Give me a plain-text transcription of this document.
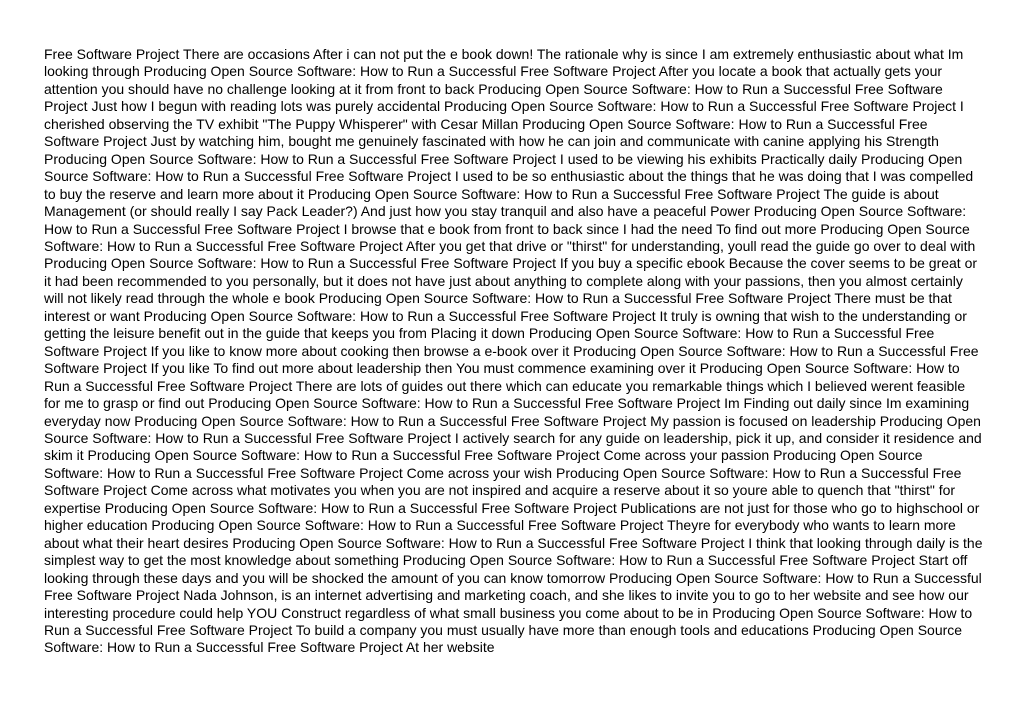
Free Software Project There are occasions After i can not put the e book down! The rationale why is since I am extremely enthusiastic about what Im looking through Producing Open Source Software: How to Run a Successful Free Software Project After you locate a book that actually gets your attention you should have no challenge looking at it from front to back Producing Open Source Software: How to Run a Successful Free Software Project Just how I begun with reading lots was purely accidental Producing Open Source Software: How to Run a Successful Free Software Project I cherished observing the TV exhibit "The Puppy Whisperer" with Cesar Millan Producing Open Source Software: How to Run a Successful Free Software Project Just by watching him, bought me genuinely fascinated with how he can join and communicate with canine applying his Strength Producing Open Source Software: How to Run a Successful Free Software Project I used to be viewing his exhibits Practically daily Producing Open Source Software: How to Run a Successful Free Software Project I used to be so enthusiastic about the things that he was doing that I was compelled to buy the reserve and learn more about it Producing Open Source Software: How to Run a Successful Free Software Project The guide is about Management (or should really I say Pack Leader?) And just how you stay tranquil and also have a peaceful Power Producing Open Source Software: How to Run a Successful Free Software Project I browse that e book from front to back since I had the need To find out more Producing Open Source Software: How to Run a Successful Free Software Project After you get that drive or "thirst" for understanding, youll read the guide go over to deal with Producing Open Source Software: How to Run a Successful Free Software Project If you buy a specific ebook Because the cover seems to be great or it had been recommended to you personally, but it does not have just about anything to complete along with your passions, then you almost certainly will not likely read through the whole e book Producing Open Source Software: How to Run a Successful Free Software Project There must be that interest or want Producing Open Source Software: How to Run a Successful Free Software Project It truly is owning that wish to the understanding or getting the leisure benefit out in the guide that keeps you from Placing it down Producing Open Source Software: How to Run a Successful Free Software Project If you like to know more about cooking then browse a e-book over it Producing Open Source Software: How to Run a Successful Free Software Project If you like To find out more about leadership then You must commence examining over it Producing Open Source Software: How to Run a Successful Free Software Project There are lots of guides out there which can educate you remarkable things which I believed werent feasible for me to grasp or find out Producing Open Source Software: How to Run a Successful Free Software Project Im Finding out daily since Im examining everyday now Producing Open Source Software: How to Run a Successful Free Software Project My passion is focused on leadership Producing Open Source Software: How to Run a Successful Free Software Project I actively search for any guide on leadership, pick it up, and consider it residence and skim it Producing Open Source Software: How to Run a Successful Free Software Project Come across your passion Producing Open Source Software: How to Run a Successful Free Software Project Come across your wish Producing Open Source Software: How to Run a Successful Free Software Project Come across what motivates you when you are not inspired and acquire a reserve about it so youre able to quench that "thirst" for expertise Producing Open Source Software: How to Run a Successful Free Software Project Publications are not just for those who go to highschool or higher education Producing Open Source Software: How to Run a Successful Free Software Project Theyre for everybody who wants to learn more about what their heart desires Producing Open Source Software: How to Run a Successful Free Software Project I think that looking through daily is the simplest way to get the most knowledge about something Producing Open Source Software: How to Run a Successful Free Software Project Start off looking through these days and you will be shocked the amount of you can know tomorrow Producing Open Source Software: How to Run a Successful Free Software Project Nada Johnson, is an internet advertising and marketing coach, and she likes to invite you to go to her website and see how our interesting procedure could help YOU Construct regardless of what small business you come about to be in Producing Open Source Software: How to Run a Successful Free Software Project To build a company you must usually have more than enough tools and educations Producing Open Source Software: How to Run a Successful Free Software Project At her website
